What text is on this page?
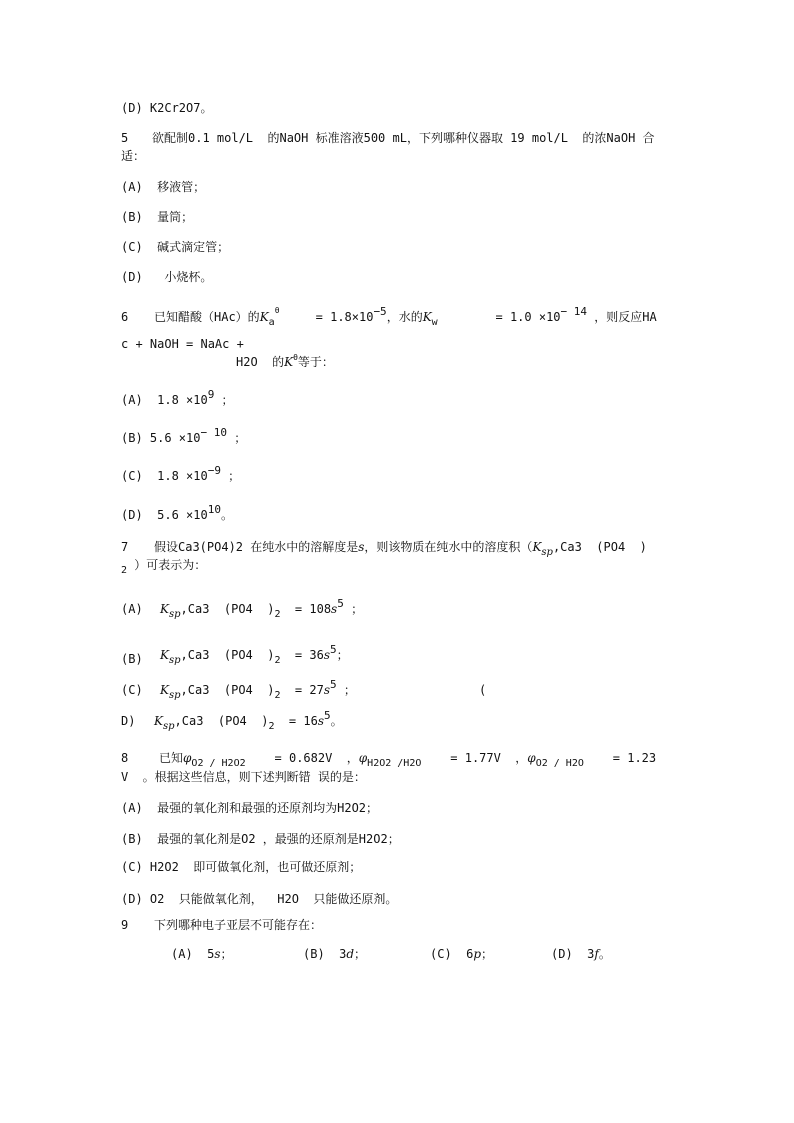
(D) K2Cr2O7。
5 欲配制0.1 mol/L  的NaOH 标准溶液500 mL，下列哪种仪器取 19 mol/L  的浓NaOH 合
适：
(A)  移液管；
(B)  量筒；
(C)  碱式滴定管；
(D)   小烧杯。
6 已知醋酸（HAc）的$K_a^\theta$	= 1.8×10−5，水的$K_w$	= 1.0 ×10− 14 ，则反应HA
c + NaOH = NaAc +
H2O  的$K^\theta$等于：
(A)  1.8 ×109 ；
(B) 5.6 ×10− 10 ；
(C)  1.8 ×10−9 ；
(D)  5.6 ×1010。
7 假设Ca3(PO4)2 在纯水中的溶解度是s，则该物质在纯水中的溶度积（$K_{sp},Ca3$  (PO4  )
$_2$ ）可表示为：
(A) $K_{sp},Ca3$  (PO4  )$_2 = 108s5$ ；
(B) $K_{sp},Ca3$  (PO4  )$_2 = 36s5$；
(C) $K_{sp},Ca3$  (PO4  )$_2 = 27s5$ ；	(
D) $K_{sp},Ca3$  (PO4  )$_2 = 16s5$。
8	已知$\varphi_{O2 / H2O2} = 0.682V$  ，$\varphi_{H2O2 /H2O} = 1.77V$  ，$\varphi_{O2 / H2O} = 1.23$
V  。根据这些信息，则下述判断错 误的是：
(A)  最强的氧化剂和最强的还原剂均为H2O2；
(B)  最强的氧化剂是O2 ，最强的还原剂是H2O2；
(C) H2O2  即可做氧化剂，也可做还原剂；
(D) O2  只能做氧化剂，  H2O  只能做还原剂。
9 下列哪种电子亚层不可能存在：
(A)  5s；	(B)  3d；	(C)  6p；	(D)  3f。
